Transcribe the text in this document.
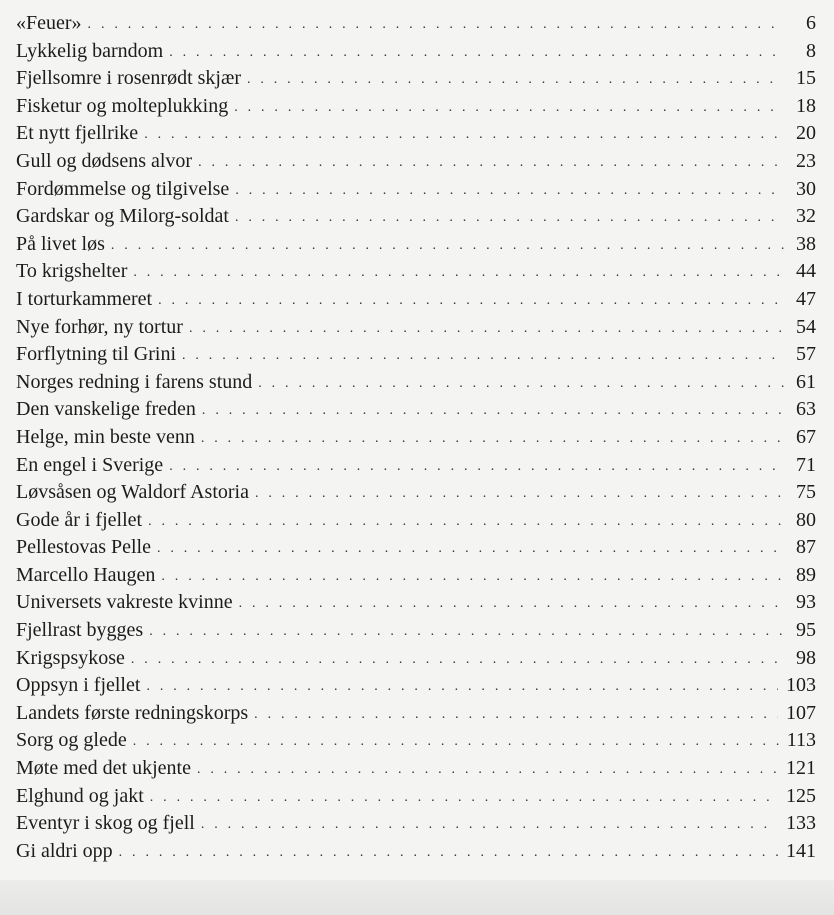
«Feuer» . . .	6
Lykkelig barndom . . .	8
Fjellsomre i rosenrødt skjær . . .	15
Fisketur og molteplukking . . .	18
Et nytt fjellrike . . .	20
Gull og dødsens alvor . . .	23
Fordømmelse og tilgivelse . . .	30
Gardskar og Milorg-soldat . . .	32
På livet løs . . .	38
To krigshelter . . .	44
I torturkammeret . . .	47
Nye forhør, ny tortur . . .	54
Forflytning til Grini . . .	57
Norges redning i farens stund . . .	61
Den vanskelige freden . . .	63
Helge, min beste venn . . .	67
En engel i Sverige . . .	71
Løvsåsen og Waldorf Astoria . . .	75
Gode år i fjellet . . .	80
Pellestovas Pelle . . .	87
Marcello Haugen . . .	89
Universets vakreste kvinne . . .	93
Fjellrast bygges . . .	95
Krigspsykose . . .	98
Oppsyn i fjellet . . .	103
Landets første redningskorps . . .	107
Sorg og glede . . .	113
Møte med det ukjente . . .	121
Elghund og jakt . . .	125
Eventyr i skog og fjell . . .	133
Gi aldri opp . . .	141
